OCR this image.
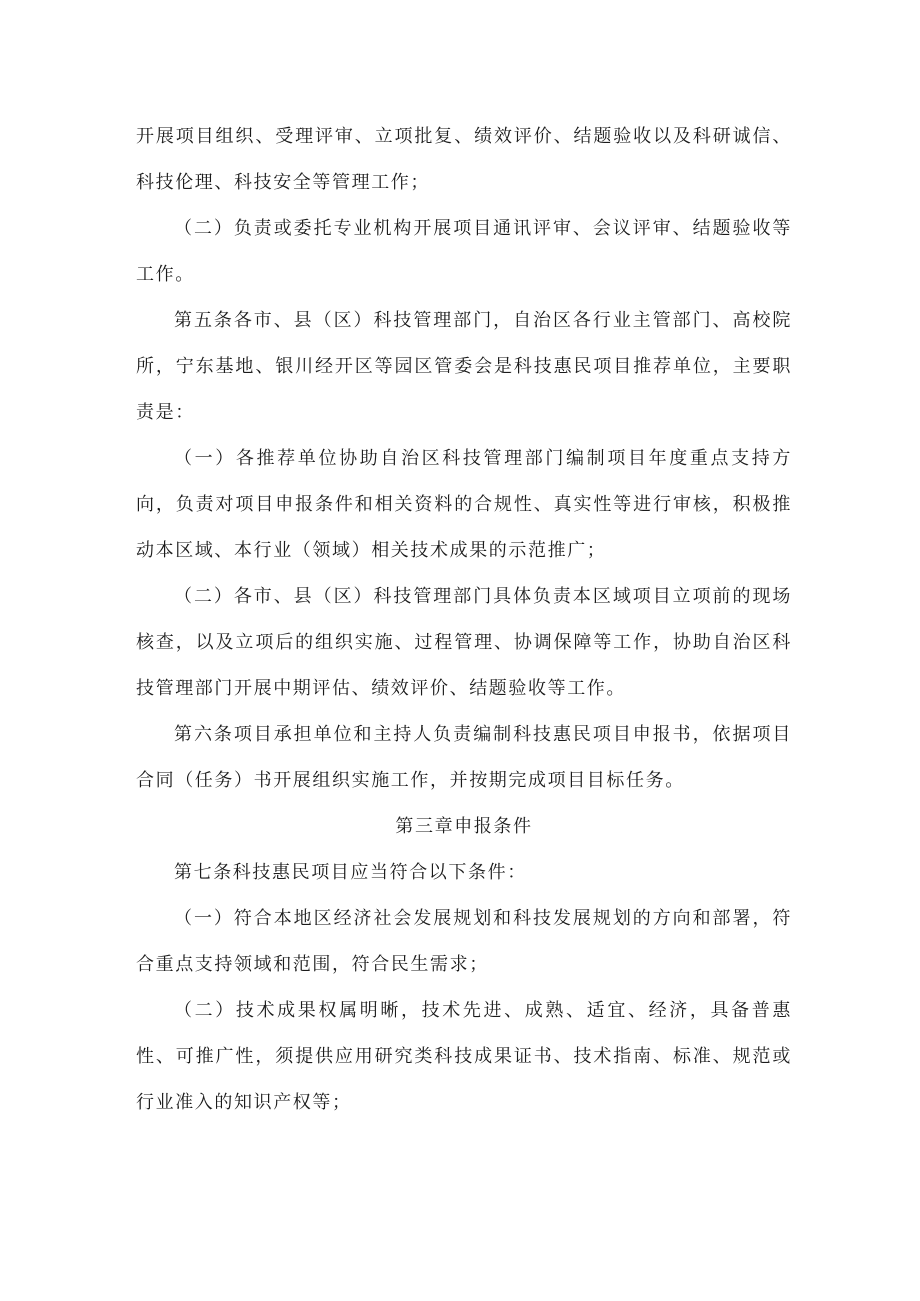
开展项目组织、受理评审、立项批复、绩效评价、结题验收以及科研诚信、科技伦理、科技安全等管理工作；

（二）负责或委托专业机构开展项目通讯评审、会议评审、结题验收等工作。

第五条各市、县（区）科技管理部门，自治区各行业主管部门、高校院所，宁东基地、银川经开区等园区管委会是科技惠民项目推荐单位，主要职责是：

（一）各推荐单位协助自治区科技管理部门编制项目年度重点支持方向，负责对项目申报条件和相关资料的合规性、真实性等进行审核，积极推动本区域、本行业（领域）相关技术成果的示范推广；

（二）各市、县（区）科技管理部门具体负责本区域项目立项前的现场核查，以及立项后的组织实施、过程管理、协调保障等工作，协助自治区科技管理部门开展中期评估、绩效评价、结题验收等工作。

第六条项目承担单位和主持人负责编制科技惠民项目申报书，依据项目合同（任务）书开展组织实施工作，并按期完成项目目标任务。

第三章申报条件

第七条科技惠民项目应当符合以下条件：

（一）符合本地区经济社会发展规划和科技发展规划的方向和部署，符合重点支持领域和范围，符合民生需求；

（二）技术成果权属明晰，技术先进、成熟、适宜、经济，具备普惠性、可推广性，须提供应用研究类科技成果证书、技术指南、标准、规范或行业准入的知识产权等；
